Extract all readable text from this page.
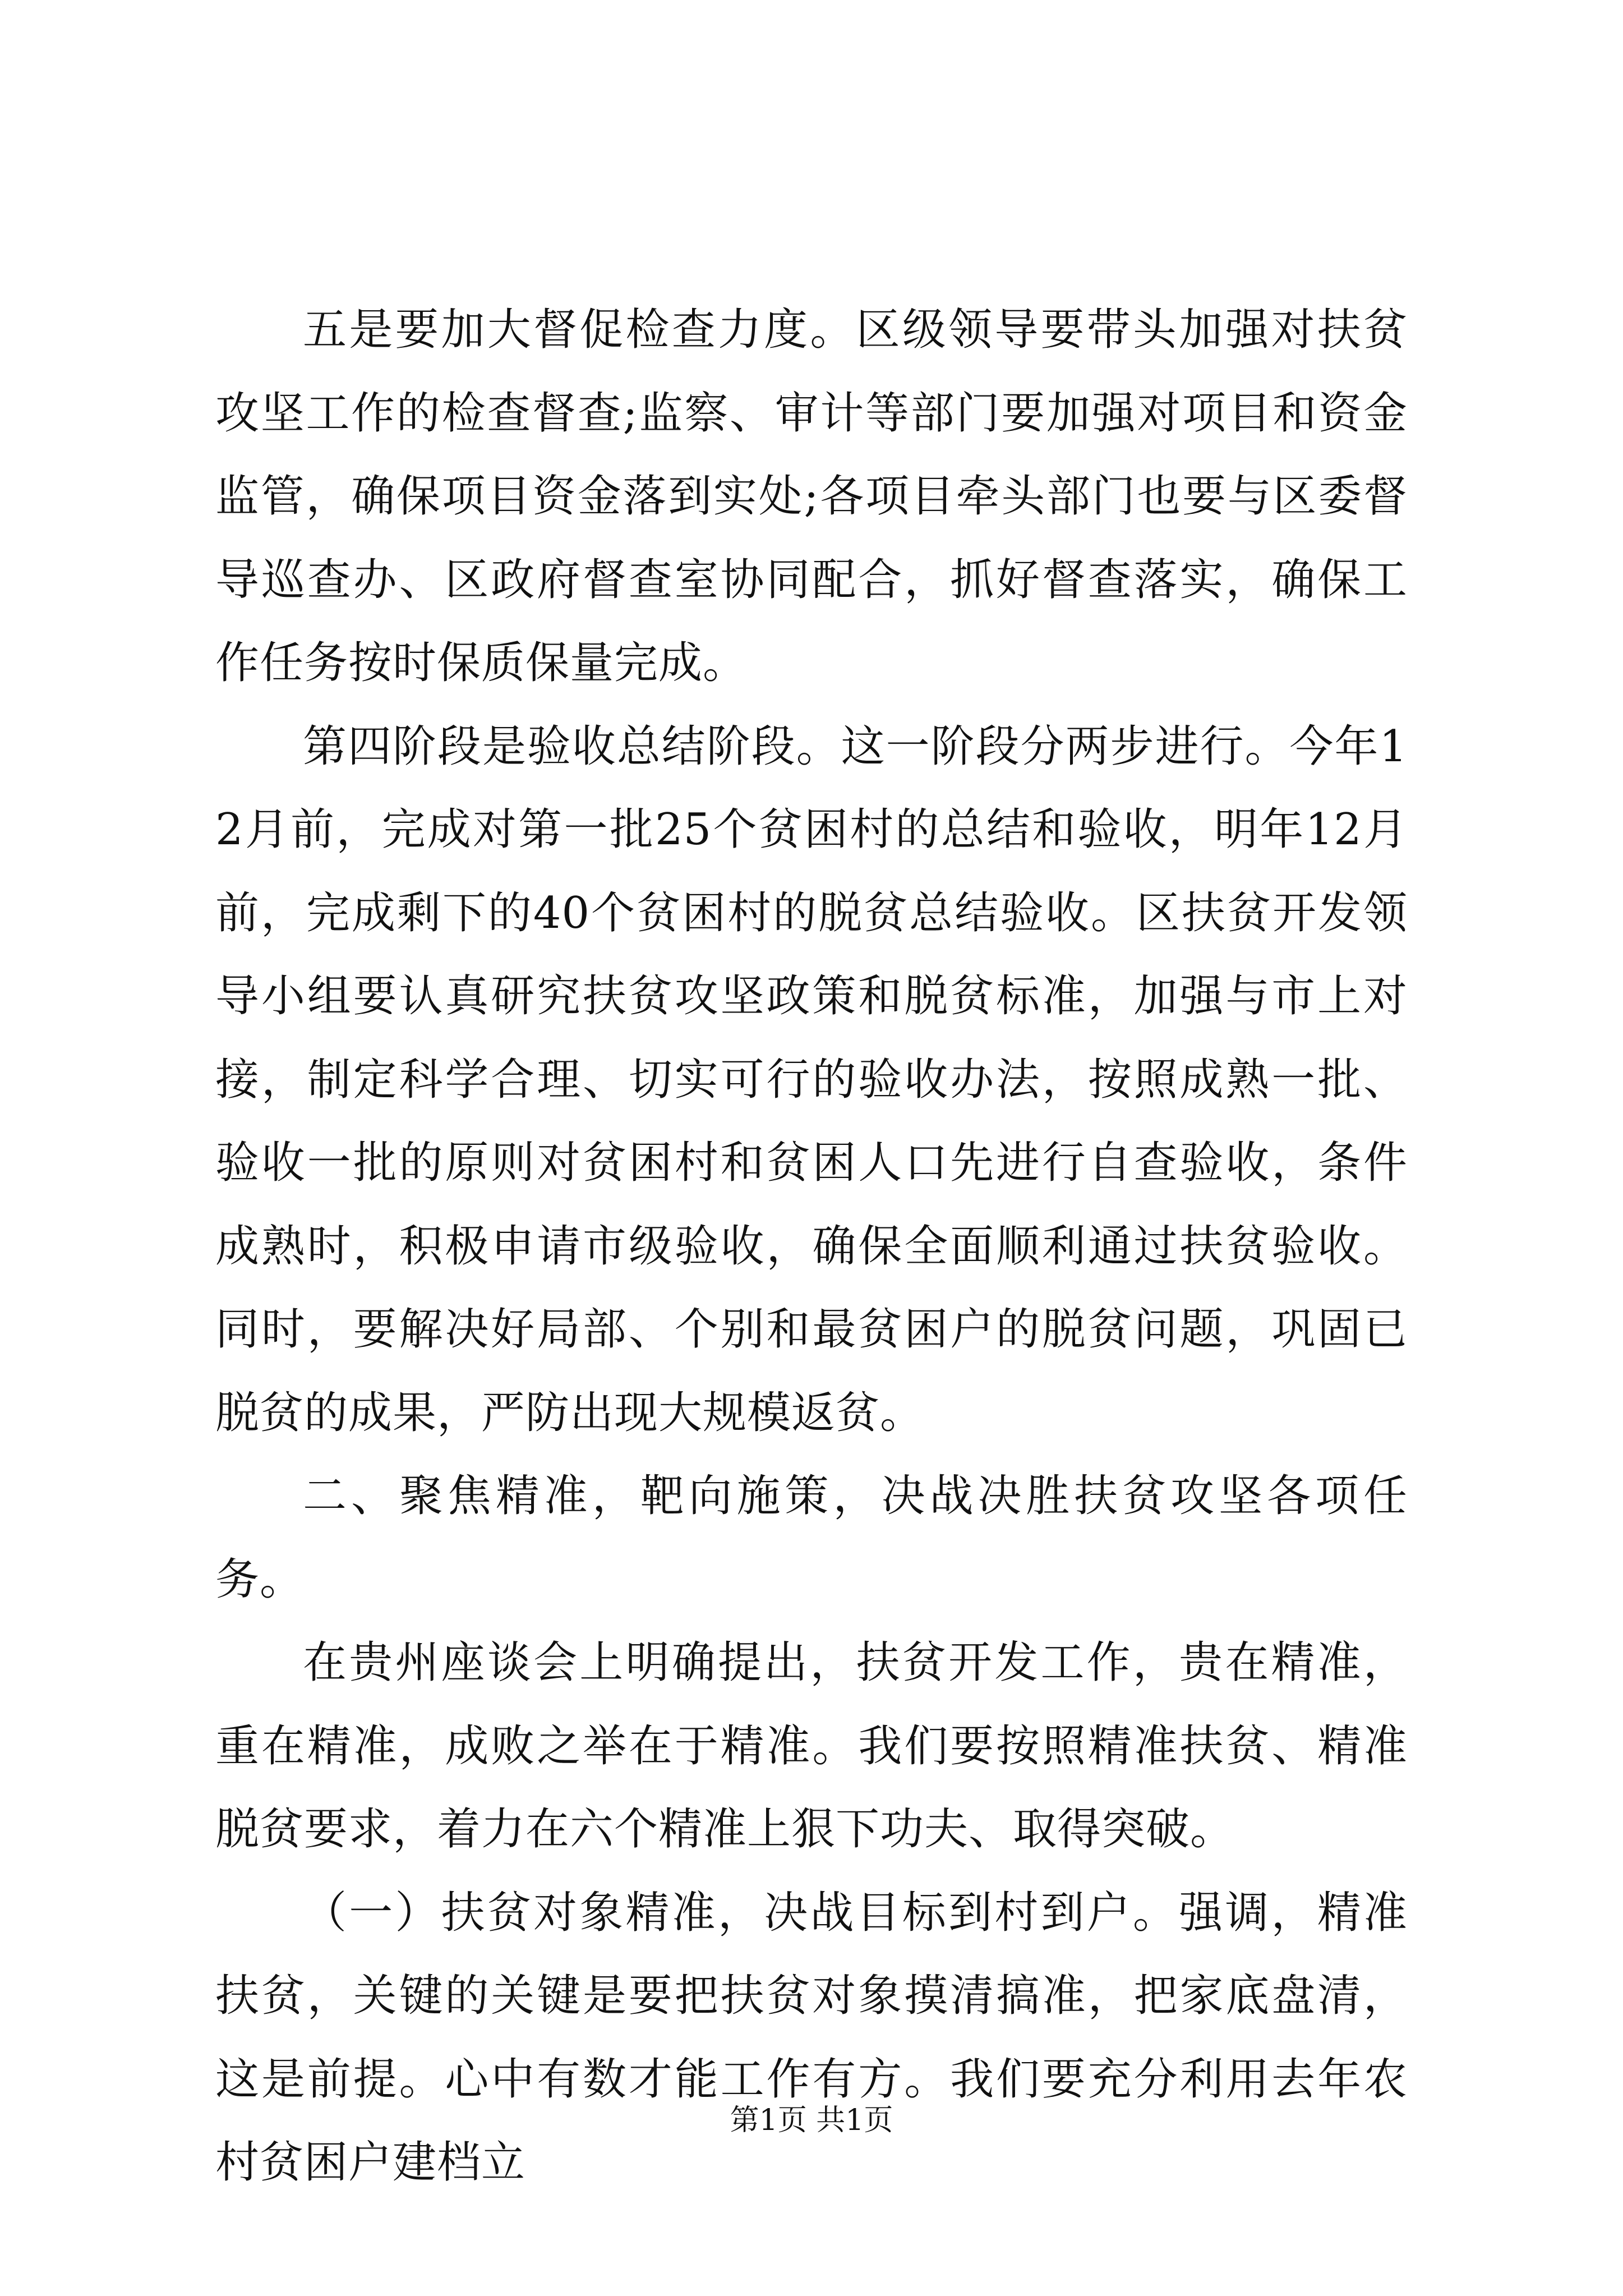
五是要加大督促检查力度。区级领导要带头加强对扶贫攻坚工作的检查督查;监察、审计等部门要加强对项目和资金监管，确保项目资金落到实处;各项目牵头部门也要与区委督导巡查办、区政府督查室协同配合，抓好督查落实，确保工作任务按时保质保量完成。

第四阶段是验收总结阶段。这一阶段分两步进行。今年12月前，完成对第一批25个贫困村的总结和验收，明年12月前，完成剩下的40个贫困村的脱贫总结验收。区扶贫开发领导小组要认真研究扶贫攻坚政策和脱贫标准，加强与市上对接，制定科学合理、切实可行的验收办法，按照成熟一批、验收一批的原则对贫困村和贫困人口先进行自查验收，条件成熟时，积极申请市级验收，确保全面顺利通过扶贫验收。同时，要解决好局部、个别和最贫困户的脱贫问题，巩固已脱贫的成果，严防出现大规模返贫。

二、聚焦精准，靶向施策，决战决胜扶贫攻坚各项任务。

在贵州座谈会上明确提出，扶贫开发工作，贵在精准，重在精准，成败之举在于精准。我们要按照精准扶贫、精准脱贫要求，着力在六个精准上狠下功夫、取得突破。

（一）扶贫对象精准，决战目标到村到户。强调，精准扶贫，关键的关键是要把扶贫对象摸清搞准，把家底盘清，这是前提。心中有数才能工作有方。我们要充分利用去年农村贫困户建档立

第1页 共1页
